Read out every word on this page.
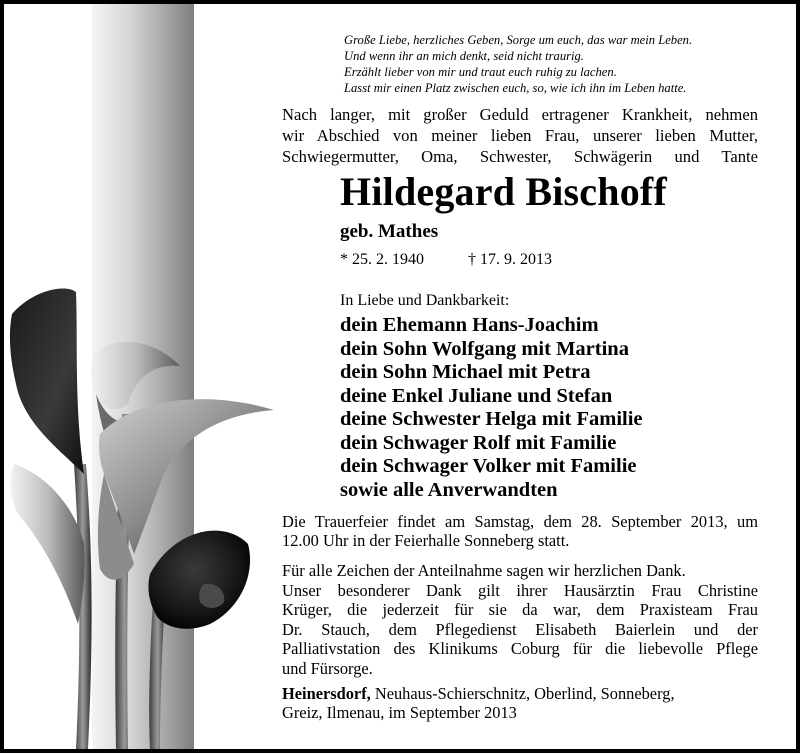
Große Liebe, herzliches Geben, Sorge um euch, das war mein Leben.
Und wenn ihr an mich denkt, seid nicht traurig.
Erzählt lieber von mir und traut euch ruhig zu lachen.
Lasst mir einen Platz zwischen euch, so, wie ich ihn im Leben hatte.
Nach langer, mit großer Geduld ertragener Krankheit, nehmen
wir Abschied von meiner lieben Frau, unserer lieben Mutter,
Schwiegermutter, Oma, Schwester, Schwägerin und Tante
Hildegard Bischoff
geb. Mathes
* 25. 2. 1940	† 17. 9. 2013
In Liebe und Dankbarkeit:
dein Ehemann Hans-Joachim
dein Sohn Wolfgang mit Martina
dein Sohn Michael mit Petra
deine Enkel Juliane und Stefan
deine Schwester Helga mit Familie
dein Schwager Rolf mit Familie
dein Schwager Volker mit Familie
sowie alle Anverwandten
Die Trauerfeier findet am Samstag, dem 28. September 2013, um
12.00 Uhr in der Feierhalle Sonneberg statt.
Für alle Zeichen der Anteilnahme sagen wir herzlichen Dank.
Unser besonderer Dank gilt ihrer Hausärztin Frau Christine
Krüger, die jederzeit für sie da war, dem Praxisteam Frau
Dr. Stauch, dem Pflegedienst Elisabeth Baierlein und der
Palliativstation des Klinikums Coburg für die liebevolle Pflege
und Fürsorge.
Heinersdorf, Neuhaus-Schierschnitz, Oberlind, Sonneberg,
Greiz, Ilmenau, im September 2013
